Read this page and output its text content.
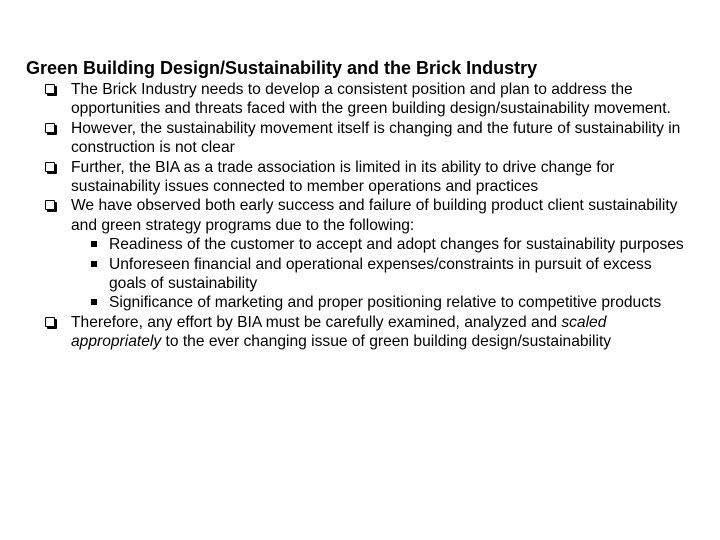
Green Building Design/Sustainability and the Brick Industry
The Brick Industry needs to develop a consistent position and plan to address the opportunities and threats faced with the green building design/sustainability movement.
However, the sustainability movement itself is changing and the future of sustainability in construction is not clear
Further, the BIA as a trade association is limited in its ability to drive change for sustainability issues connected to member operations and practices
We have observed both early success and failure of building product client sustainability and green strategy programs due to the following:
Readiness of the customer to accept and adopt changes for sustainability purposes
Unforeseen financial and operational expenses/constraints in pursuit of excess goals of sustainability
Significance of marketing and proper positioning relative to competitive products
Therefore, any effort by BIA must be carefully examined, analyzed and scaled appropriately to the ever changing issue of green building design/sustainability
